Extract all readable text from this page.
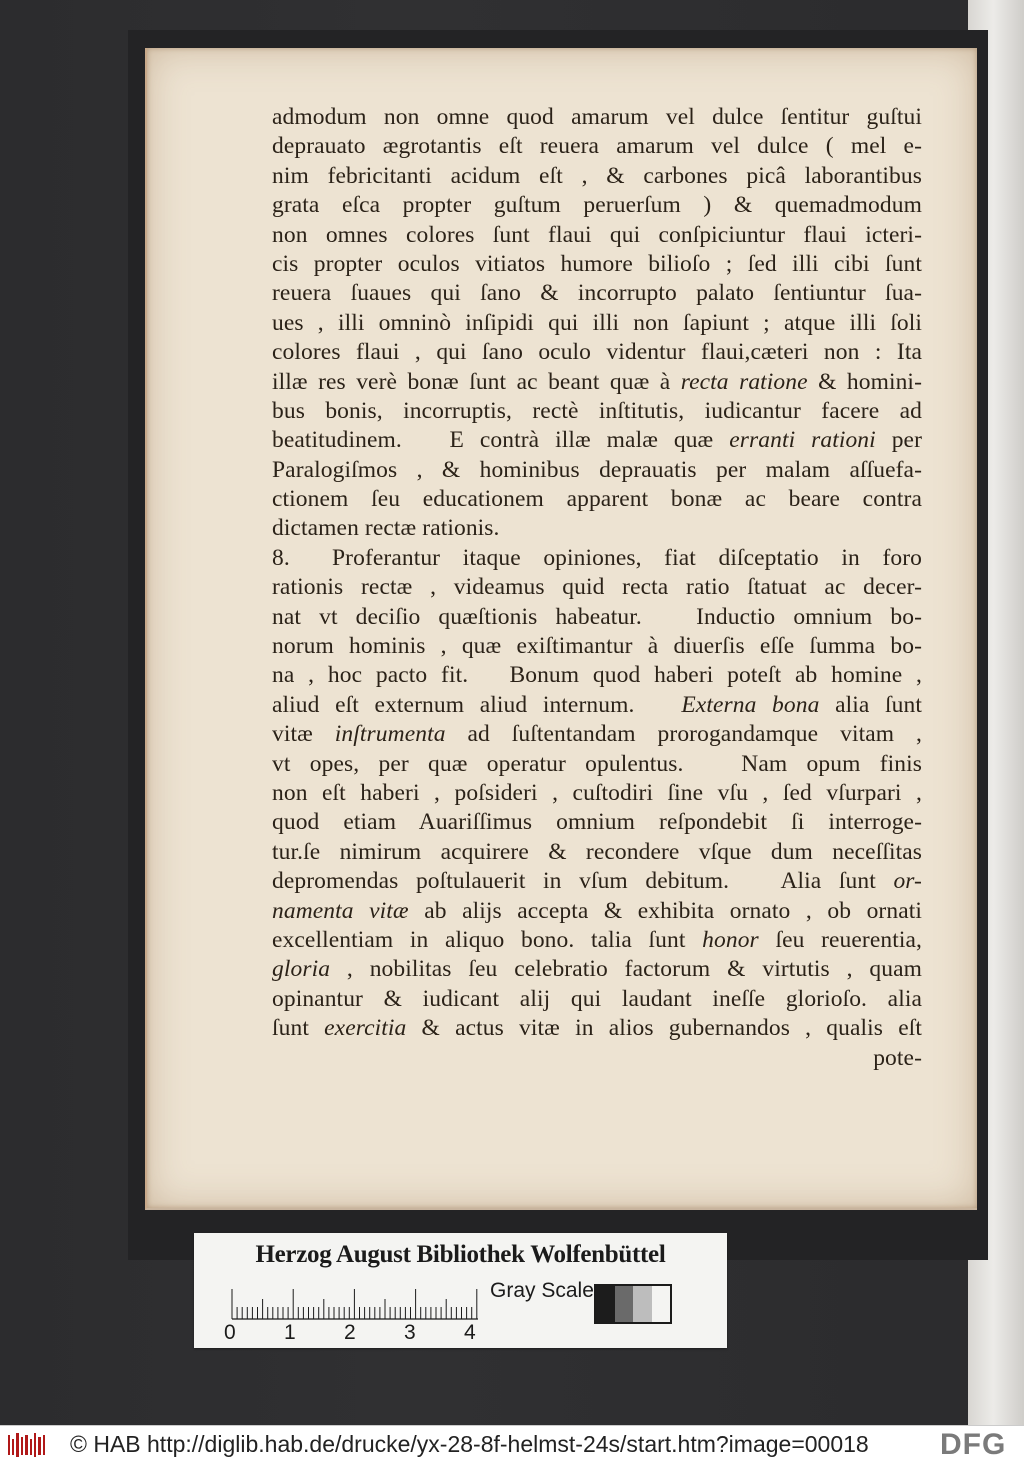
admodum non omne quod amarum vel dulce ſentitur guſtui
deprauato ægrotantis eſt reuera amarum vel dulce ( mel e-
nim febricitanti acidum eſt , & carbones picâ laborantibus
grata eſca propter guſtum peruerſum ) & quemadmodum
non omnes colores ſunt flaui qui conſpiciuntur flaui icteri-
cis propter oculos vitiatos humore bilioſo ; ſed illi cibi ſunt
reuera ſuaues qui ſano & incorrupto palato ſentiuntur ſua-
ues , illi omninò inſipidi qui illi non ſapiunt ; atque illi ſoli
colores flaui , qui ſano oculo videntur flaui,cæteri non : Ita
illæ res verè bonæ ſunt ac beant quæ à recta ratione & homini-
bus bonis, incorruptis, rectè inſtitutis, iudicantur facere ad
beatitudinem.   E contrà illæ malæ quæ erranti rationi per
Paralogiſmos , & hominibus deprauatis per malam aſſuefa-
ctionem ſeu educationem apparent bonæ ac beare contra
dictamen rectæ rationis.
8. Proferantur itaque opiniones, fiat diſceptatio in foro
rationis rectæ , videamus quid recta ratio ſtatuat ac decer-
nat vt deciſio quæſtionis habeatur.   Inductio omnium bo-
norum hominis , quæ exiſtimantur à diuerſis eſſe ſumma bo-
na , hoc pacto fit.   Bonum quod haberi poteſt ab homine ,
aliud eſt externum aliud internum.   Externa bona alia ſunt
vitæ inſtrumenta ad ſuſtentandam prorogandamque vitam ,
vt opes, per quæ operatur opulentus.   Nam opum finis
non eſt haberi , poſsideri , cuſtodiri ſine vſu , ſed vſurpari ,
quod etiam Auariſſimus omnium reſpondebit ſi interroge-
tur.ſe nimirum acquirere & recondere vſque dum neceſſitas
depromendas poſtulauerit in vſum debitum.   Alia ſunt or-
namenta vitæ ab alijs accepta & exhibita ornato , ob ornati
excellentiam in aliquo bono. talia ſunt honor ſeu reuerentia,
gloria , nobilitas ſeu celebratio factorum & virtutis , quam
opinantur & iudicant alij qui laudant ineſſe glorioſo. alia
ſunt exercitia & actus vitæ in alios gubernandos , qualis eſt
pote-
Herzog August Bibliothek Wolfenbüttel
0 1 2 3 4
Gray Scale
© HAB http://diglib.hab.de/drucke/yx-28-8f-helmst-24s/start.htm?image=00018 DFG
